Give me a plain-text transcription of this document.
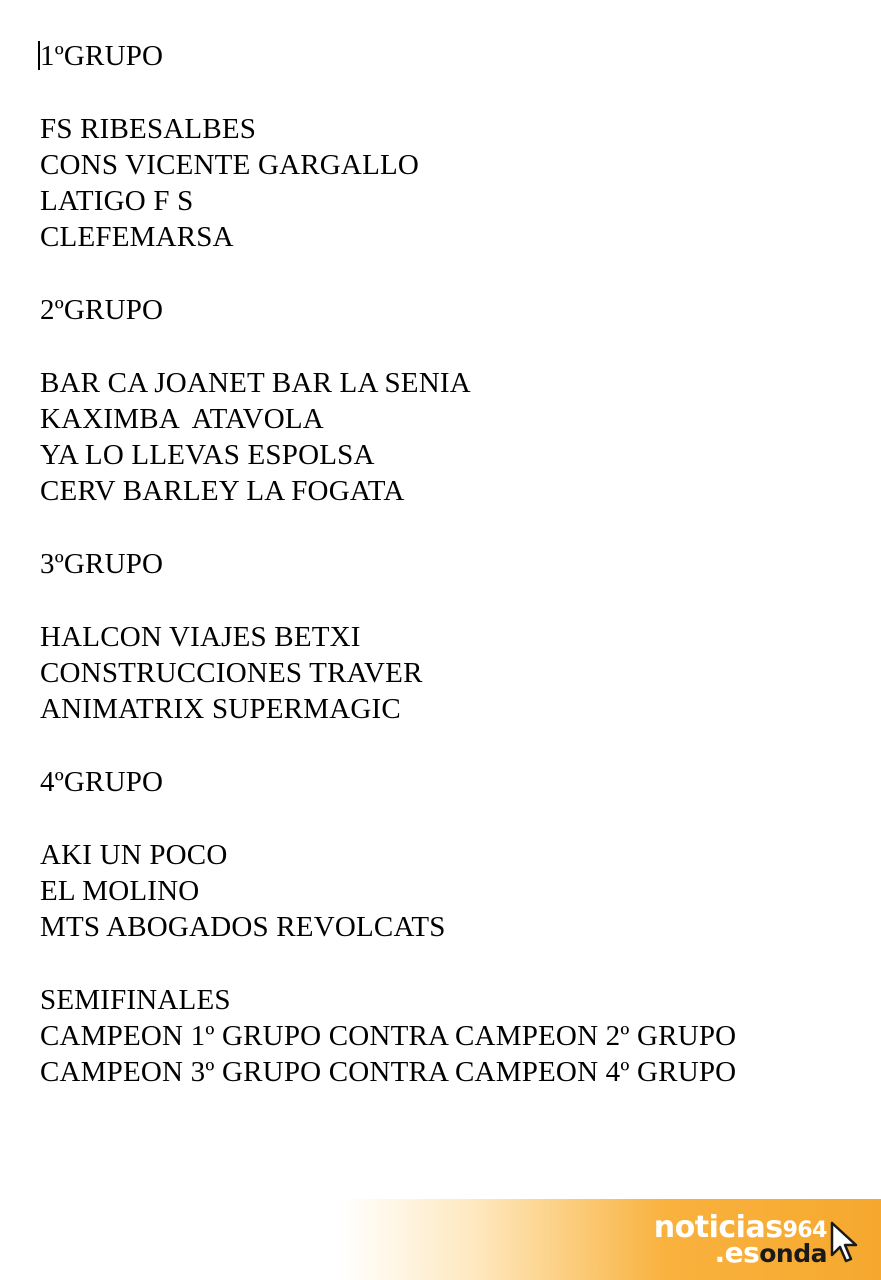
1ºGRUPO
FS RIBESALBES
CONS VICENTE GARGALLO
LATIGO F S
CLEFEMARSA
2ºGRUPO
BAR CA JOANET BAR LA SENIA
KAXIMBA  ATAVOLA
YA LO LLEVAS ESPOLSA
CERV BARLEY LA FOGATA
3ºGRUPO
HALCON VIAJES BETXI
CONSTRUCCIONES TRAVER
ANIMATRIX SUPERMAGIC
4ºGRUPO
AKI UN POCO
EL MOLINO
MTS ABOGADOS REVOLCATS
SEMIFINALES
CAMPEON 1º GRUPO CONTRA CAMPEON 2º GRUPO
CAMPEON 3º GRUPO CONTRA CAMPEON 4º GRUPO
noticias964
.esonda
